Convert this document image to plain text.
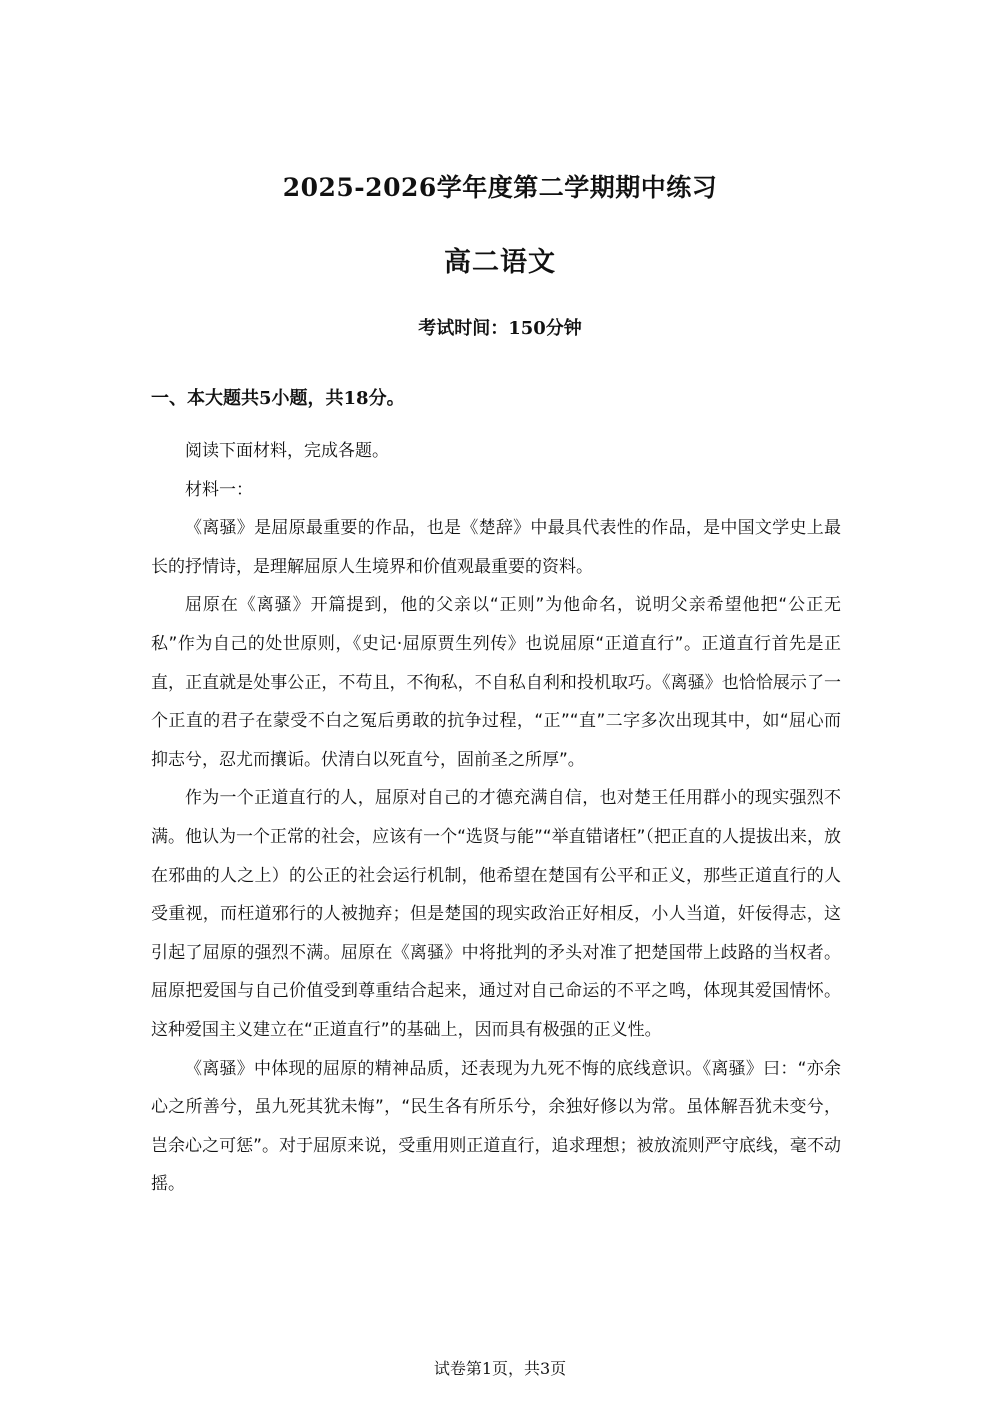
2025-2026学年度第二学期期中练习
高二语文
考试时间：150分钟
一、本大题共5小题，共18分。

阅读下面材料，完成各题。

材料一：

《离骚》是屈原最重要的作品，也是《楚辞》中最具代表性的作品，是中国文学史上最长的抒情诗，是理解屈原人生境界和价值观最重要的资料。

屈原在《离骚》开篇提到，他的父亲以“正则”为他命名，说明父亲希望他把“公正无私”作为自己的处世原则，《史记·屈原贾生列传》也说屈原“正道直行”。正道直行首先是正直，正直就是处事公正，不苟且，不徇私，不自私自利和投机取巧。《离骚》也恰恰展示了一个正直的君子在蒙受不白之冤后勇敢的抗争过程，“正”“直”二字多次出现其中，如“屈心而抑志兮，忍尤而攘诟。伏清白以死直兮，固前圣之所厚”。

作为一个正道直行的人，屈原对自己的才德充满自信，也对楚王任用群小的现实强烈不满。他认为一个正常的社会，应该有一个“选贤与能”“举直错诸枉”（把正直的人提拔出来，放在邪曲的人之上）的公正的社会运行机制，他希望在楚国有公平和正义，那些正道直行的人受重视，而枉道邪行的人被抛弃；但是楚国的现实政治正好相反，小人当道，奸佞得志，这引起了屈原的强烈不满。屈原在《离骚》中将批判的矛头对准了把楚国带上歧路的当权者。屈原把爱国与自己价值受到尊重结合起来，通过对自己命运的不平之鸣，体现其爱国情怀。这种爱国主义建立在“正道直行”的基础上，因而具有极强的正义性。

《离骚》中体现的屈原的精神品质，还表现为九死不悔的底线意识。《离骚》曰：“亦余心之所善兮，虽九死其犹未悔”，“民生各有所乐兮，余独好修以为常。虽体解吾犹未变兮，岂余心之可惩”。对于屈原来说，受重用则正道直行，追求理想；被放流则严守底线，毫不动摇。

试卷第1页，共3页
